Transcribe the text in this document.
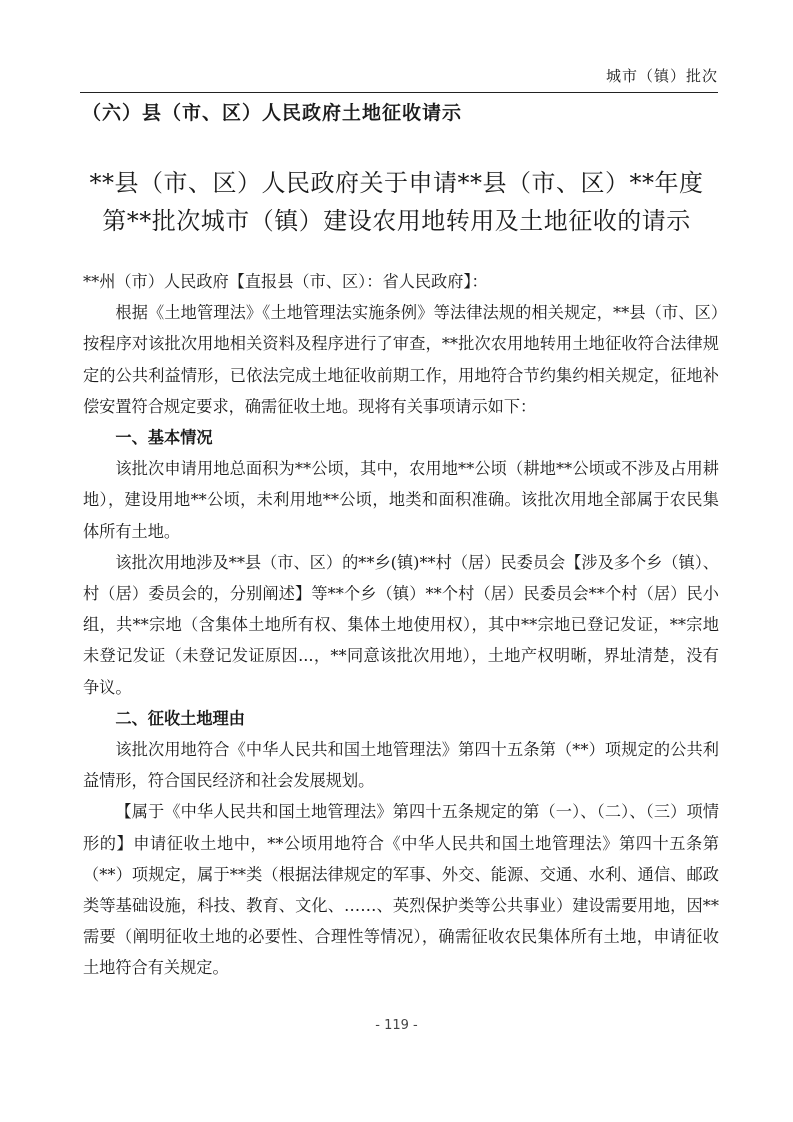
城市（镇）批次
（六）县（市、区）人民政府土地征收请示
**县（市、区）人民政府关于申请**县（市、区）**年度
第**批次城市（镇）建设农用地转用及土地征收的请示

**州（市）人民政府【直报县（市、区）：省人民政府】：

根据《土地管理法》《土地管理法实施条例》等法律法规的相关规定，**县（市、区）按程序对该批次用地相关资料及程序进行了审查，**批次农用地转用土地征收符合法律规定的公共利益情形，已依法完成土地征收前期工作，用地符合节约集约相关规定，征地补偿安置符合规定要求，确需征收土地。现将有关事项请示如下：

一、基本情况

该批次申请用地总面积为**公顷，其中，农用地**公顷（耕地**公顷或不涉及占用耕地），建设用地**公顷，未利用地**公顷，地类和面积准确。该批次用地全部属于农民集体所有土地。

该批次用地涉及**县（市、区）的**乡(镇)**村（居）民委员会【涉及多个乡（镇）、村（居）委员会的，分别阐述】等**个乡（镇）**个村（居）民委员会**个村（居）民小组，共**宗地（含集体土地所有权、集体土地使用权），其中**宗地已登记发证，**宗地未登记发证（未登记发证原因...，**同意该批次用地），土地产权明晰，界址清楚，没有争议。

二、征收土地理由

该批次用地符合《中华人民共和国土地管理法》第四十五条第（**）项规定的公共利益情形，符合国民经济和社会发展规划。

【属于《中华人民共和国土地管理法》第四十五条规定的第（一）、（二）、（三）项情形的】申请征收土地中，**公顷用地符合《中华人民共和国土地管理法》第四十五条第（**）项规定，属于**类（根据法律规定的军事、外交、能源、交通、水利、通信、邮政类等基础设施，科技、教育、文化、……、英烈保护类等公共事业）建设需要用地，因**需要（阐明征收土地的必要性、合理性等情况），确需征收农民集体所有土地，申请征收土地符合有关规定。

- 119 -
